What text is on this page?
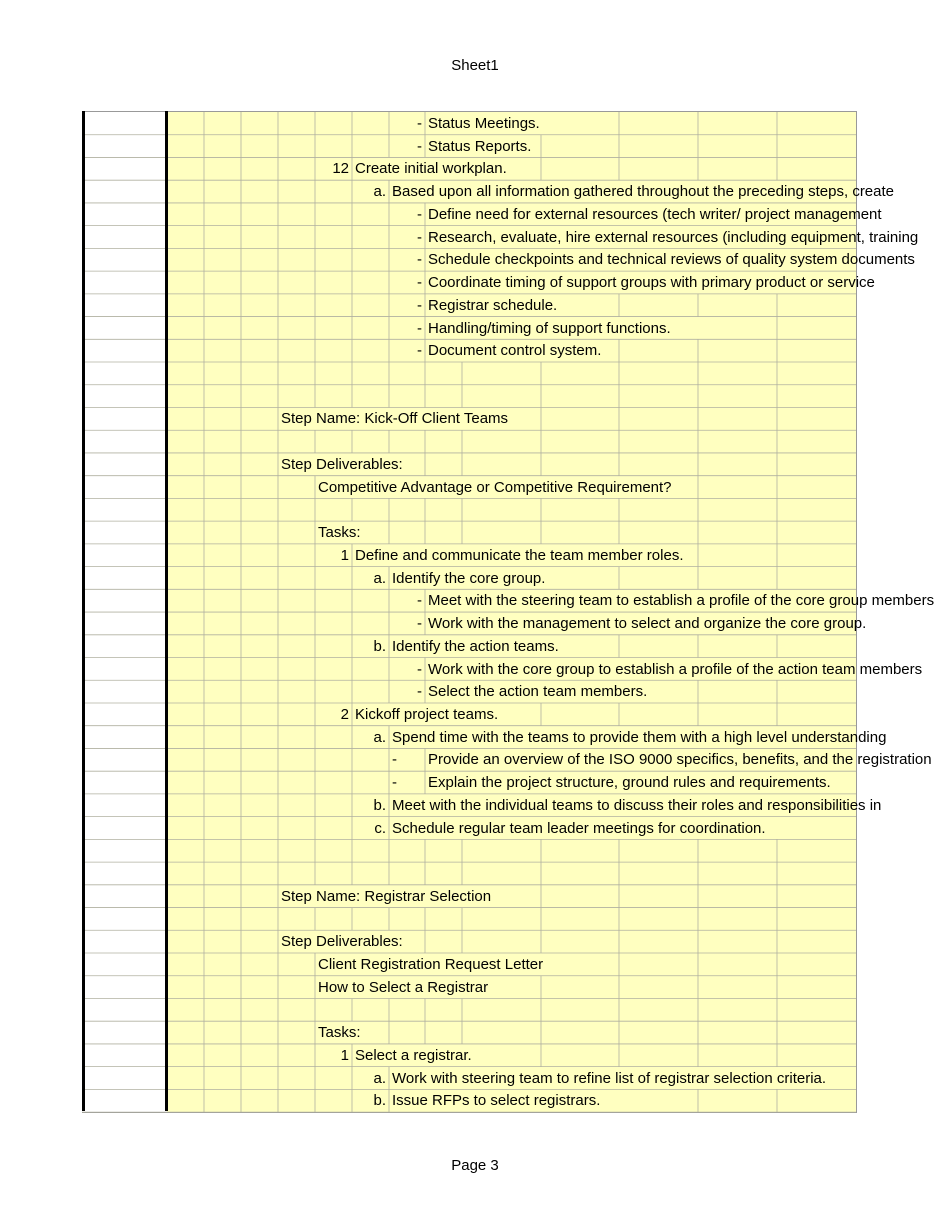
Sheet1
- Status Meetings.
- Status Reports.
12 Create initial workplan.
a. Based upon all information gathered throughout the preceding steps, create
- Define need for external resources (tech writer/ project management
- Research, evaluate, hire external resources (including equipment, training
- Schedule checkpoints and technical reviews of quality system documents
- Coordinate timing of support groups with primary product or service
- Registrar schedule.
- Handling/timing of support functions.
- Document control system.
Step Name: Kick-Off Client Teams
Step Deliverables:
Competitive Advantage or Competitive Requirement?
Tasks:
1 Define and communicate the team member roles.
a. Identify the core group.
- Meet with the steering team to establish a profile of the core group members
- Work with the management to select and organize the core group.
b. Identify the action teams.
- Work with the core group to establish a profile of the action team members
- Select the action team members.
2 Kickoff project teams.
a. Spend time with the teams to provide them with a high level understanding
- Provide an overview of the ISO 9000 specifics, benefits, and the registration
- Explain the project structure, ground rules and requirements.
b. Meet with the individual teams to discuss their roles and responsibilities in
c. Schedule regular team leader meetings for coordination.
Step Name: Registrar Selection
Step Deliverables:
Client Registration Request Letter
How to Select a Registrar
Tasks:
1 Select a registrar.
a. Work with steering team to refine list of registrar selection criteria.
b. Issue RFPs to select registrars.
Page 3
